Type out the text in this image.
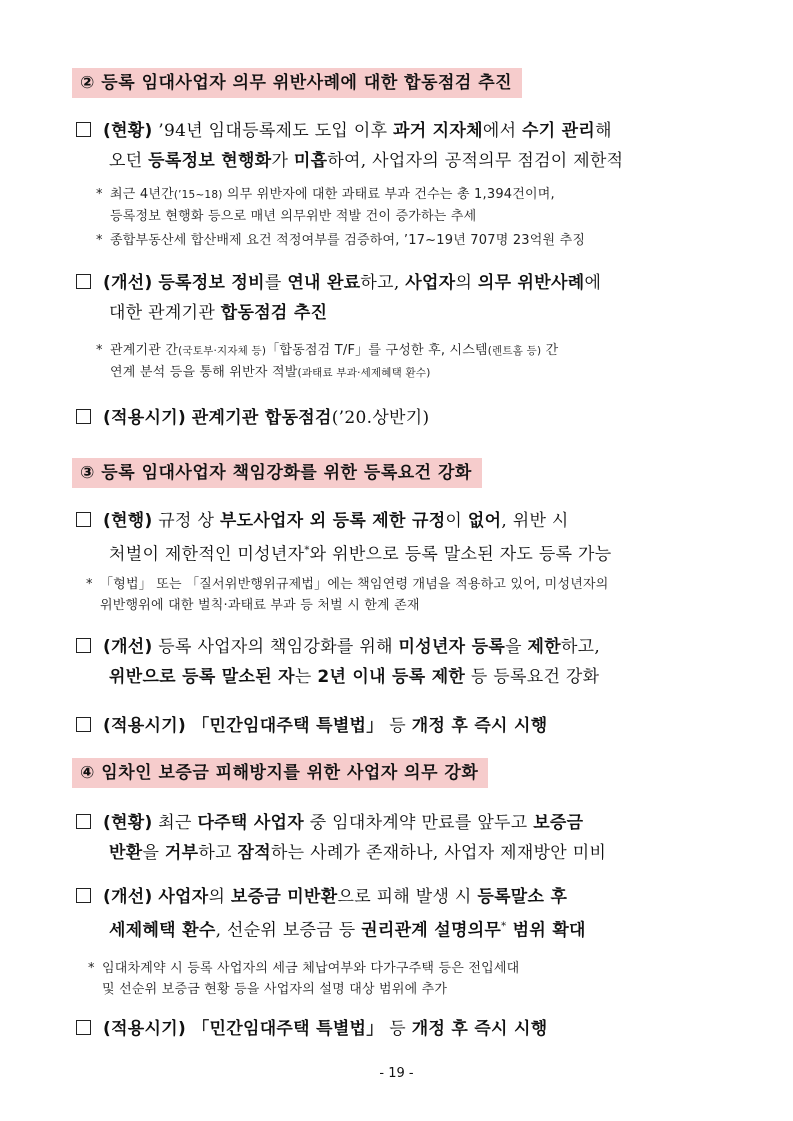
② 등록 임대사업자 의무 위반사례에 대한 합동점검 추진
(현황) ’94년 임대등록제도 도입 이후 과거 지자체에서 수기 관리해
오던 등록정보 현행화가 미흡하여, 사업자의 공적의무 점검이 제한적
* 최근 4년간(’15~18) 의무 위반자에 대한 과태료 부과 건수는 총 1,394건이며,
등록정보 현행화 등으로 매년 의무위반 적발 건이 증가하는 추세
* 종합부동산세 합산배제 요건 적정여부를 검증하여, ’17~19년 707명 23억원 추징
(개선) 등록정보 정비를 연내 완료하고, 사업자의 의무 위반사례에
대한 관계기관 합동점검 추진
* 관계기관 간(국토부·지자체 등)「합동점검 T/F」를 구성한 후, 시스템(렌트홈 등) 간
연계 분석 등을 통해 위반자 적발(과태료 부과·세제혜택 환수)
(적용시기) 관계기관 합동점검(’20.상반기)
③ 등록 임대사업자 책임강화를 위한 등록요건 강화
(현행) 규정 상 부도사업자 외 등록 제한 규정이 없어, 위반 시
처벌이 제한적인 미성년자*와 위반으로 등록 말소된 자도 등록 가능
* 「형법」 또는 「질서위반행위규제법」에는 책임연령 개념을 적용하고 있어, 미성년자의
위반행위에 대한 벌칙·과태료 부과 등 처벌 시 한계 존재
(개선) 등록 사업자의 책임강화를 위해 미성년자 등록을 제한하고,
위반으로 등록 말소된 자는 2년 이내 등록 제한 등 등록요건 강화
(적용시기) 「민간임대주택 특별법」 등 개정 후 즉시 시행
④ 임차인 보증금 피해방지를 위한 사업자 의무 강화
(현황) 최근 다주택 사업자 중 임대차계약 만료를 앞두고 보증금
반환을 거부하고 잠적하는 사례가 존재하나, 사업자 제재방안 미비
(개선) 사업자의 보증금 미반환으로 피해 발생 시 등록말소 후
세제혜택 환수, 선순위 보증금 등 권리관계 설명의무* 범위 확대
* 임대차계약 시 등록 사업자의 세금 체납여부와 다가구주택 등은 전입세대
및 선순위 보증금 현황 등을 사업자의 설명 대상 범위에 추가
(적용시기) 「민간임대주택 특별법」 등 개정 후 즉시 시행
- 19 -
